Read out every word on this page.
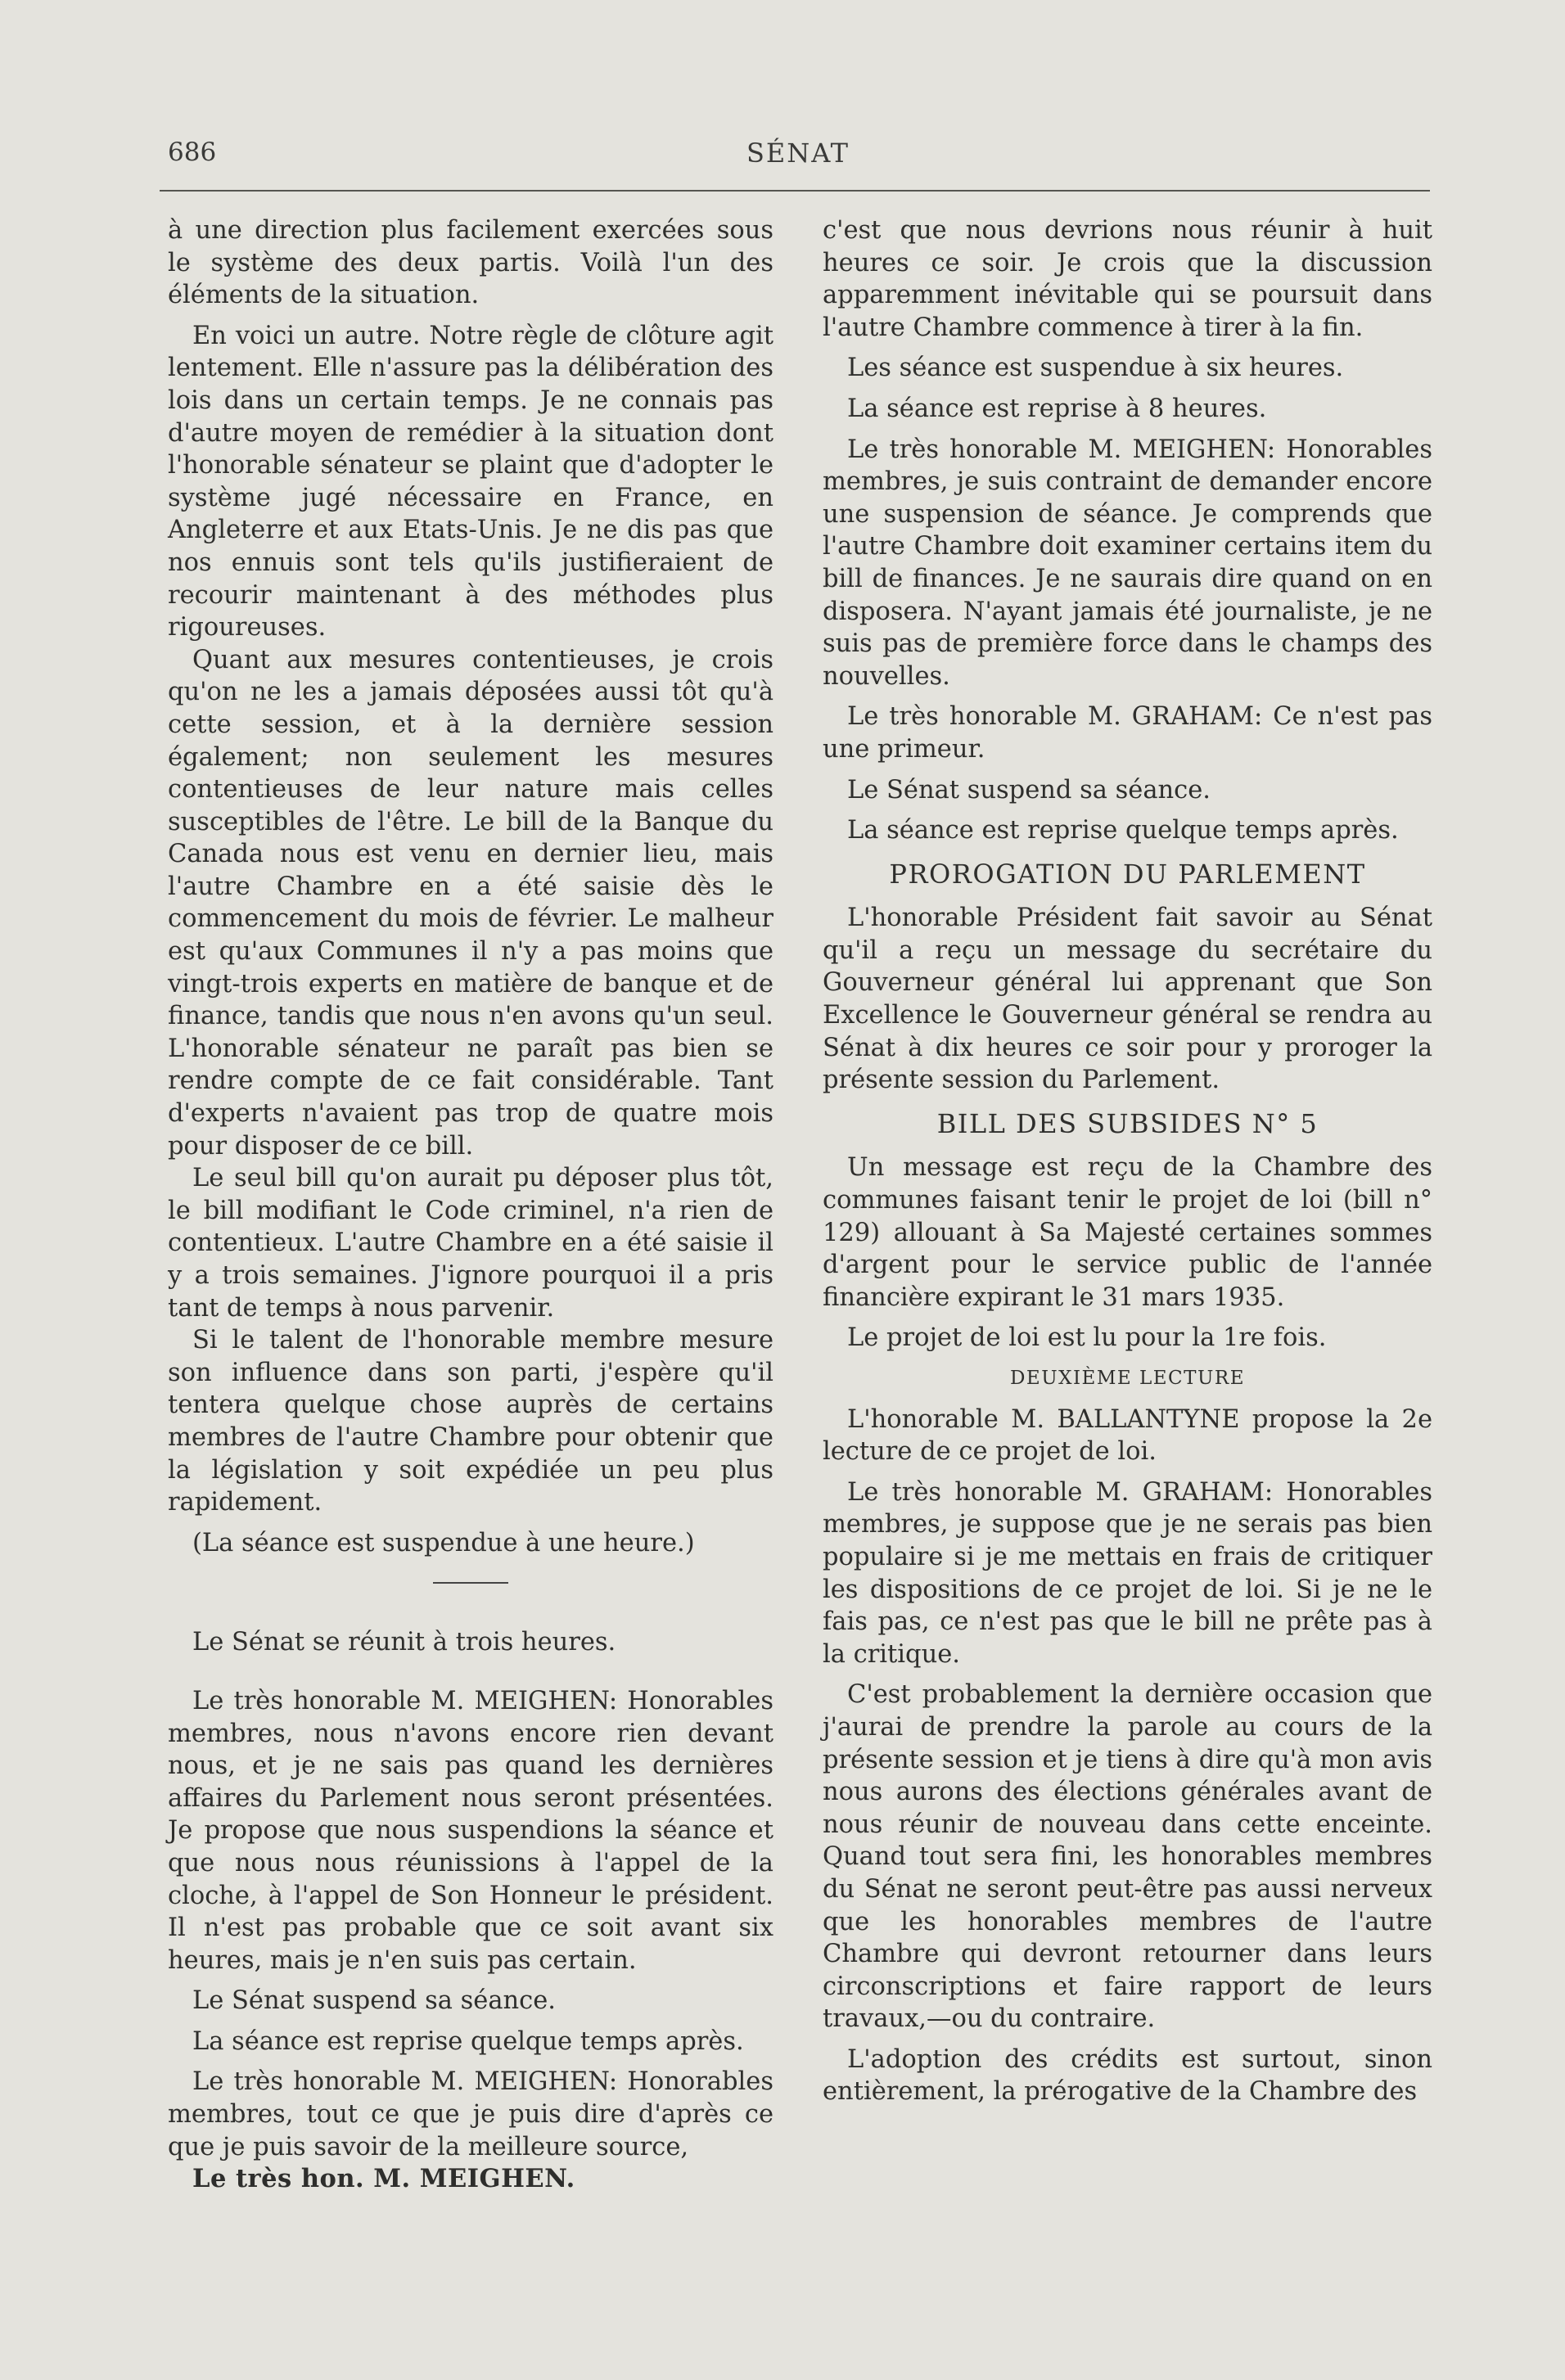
686	SÉNAT

à une direction plus facilement exercées sous le système des deux partis. Voilà l'un des éléments de la situation.

En voici un autre. Notre règle de clôture agit lentement. Elle n'assure pas la délibération des lois dans un certain temps. Je ne connais pas d'autre moyen de remédier à la situation dont l'honorable sénateur se plaint que d'adopter le système jugé nécessaire en France, en Angleterre et aux Etats-Unis. Je ne dis pas que nos ennuis sont tels qu'ils justifieraient de recourir maintenant à des méthodes plus rigoureuses.

Quant aux mesures contentieuses, je crois qu'on ne les a jamais déposées aussi tôt qu'à cette session, et à la dernière session également; non seulement les mesures contentieuses de leur nature mais celles susceptibles de l'être. Le bill de la Banque du Canada nous est venu en dernier lieu, mais l'autre Chambre en a été saisie dès le commencement du mois de février. Le malheur est qu'aux Communes il n'y a pas moins que vingt-trois experts en matière de banque et de finance, tandis que nous n'en avons qu'un seul. L'honorable sénateur ne paraît pas bien se rendre compte de ce fait considérable. Tant d'experts n'avaient pas trop de quatre mois pour disposer de ce bill.

Le seul bill qu'on aurait pu déposer plus tôt, le bill modifiant le Code criminel, n'a rien de contentieux. L'autre Chambre en a été saisie il y a trois semaines. J'ignore pourquoi il a pris tant de temps à nous parvenir.

Si le talent de l'honorable membre mesure son influence dans son parti, j'espère qu'il tentera quelque chose auprès de certains membres de l'autre Chambre pour obtenir que la législation y soit expédiée un peu plus rapidement.

(La séance est suspendue à une heure.)

Le Sénat se réunit à trois heures.

Le très honorable M. MEIGHEN: Honorables membres, nous n'avons encore rien devant nous, et je ne sais pas quand les dernières affaires du Parlement nous seront présentées. Je propose que nous suspendions la séance et que nous nous réunissions à l'appel de la cloche, à l'appel de Son Honneur le président. Il n'est pas probable que ce soit avant six heures, mais je n'en suis pas certain.

Le Sénat suspend sa séance.

La séance est reprise quelque temps après.

Le très honorable M. MEIGHEN: Honorables membres, tout ce que je puis dire d'après ce que je puis savoir de la meilleure source,

Le très hon. M. MEIGHEN.

c'est que nous devrions nous réunir à huit heures ce soir. Je crois que la discussion apparemment inévitable qui se poursuit dans l'autre Chambre commence à tirer à la fin.

Les séance est suspendue à six heures.

La séance est reprise à 8 heures.

Le très honorable M. MEIGHEN: Honorables membres, je suis contraint de demander encore une suspension de séance. Je comprends que l'autre Chambre doit examiner certains item du bill de finances. Je ne saurais dire quand on en disposera. N'ayant jamais été journaliste, je ne suis pas de première force dans le champs des nouvelles.

Le très honorable M. GRAHAM: Ce n'est pas une primeur.

Le Sénat suspend sa séance.

La séance est reprise quelque temps après.

PROROGATION DU PARLEMENT

L'honorable Président fait savoir au Sénat qu'il a reçu un message du secrétaire du Gouverneur général lui apprenant que Son Excellence le Gouverneur général se rendra au Sénat à dix heures ce soir pour y proroger la présente session du Parlement.

BILL DES SUBSIDES N° 5

Un message est reçu de la Chambre des communes faisant tenir le projet de loi (bill n° 129) allouant à Sa Majesté certaines sommes d'argent pour le service public de l'année financière expirant le 31 mars 1935.

Le projet de loi est lu pour la 1re fois.

DEUXIÈME LECTURE

L'honorable M. BALLANTYNE propose la 2e lecture de ce projet de loi.

Le très honorable M. GRAHAM: Honorables membres, je suppose que je ne serais pas bien populaire si je me mettais en frais de critiquer les dispositions de ce projet de loi. Si je ne le fais pas, ce n'est pas que le bill ne prête pas à la critique.

C'est probablement la dernière occasion que j'aurai de prendre la parole au cours de la présente session et je tiens à dire qu'à mon avis nous aurons des élections générales avant de nous réunir de nouveau dans cette enceinte. Quand tout sera fini, les honorables membres du Sénat ne seront peut-être pas aussi nerveux que les honorables membres de l'autre Chambre qui devront retourner dans leurs circonscriptions et faire rapport de leurs travaux,—ou du contraire.

L'adoption des crédits est surtout, sinon entièrement, la prérogative de la Chambre des
